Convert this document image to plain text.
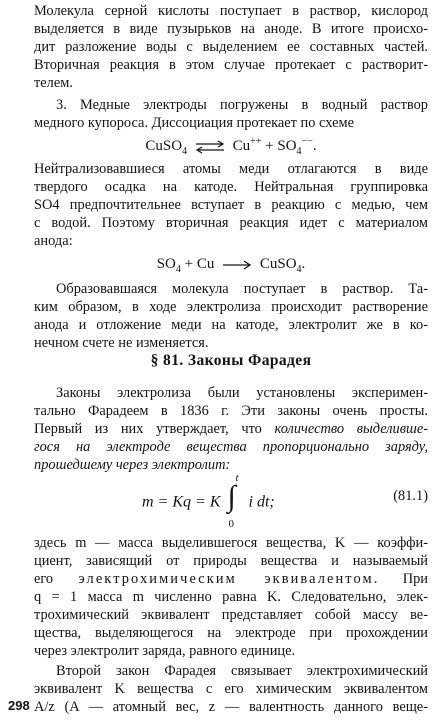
Молекула серной кислоты поступает в раствор, кислород
выделяется в виде пузырьков на аноде. В итоге происхо-
дит разложение воды с выделением ее составных частей.
Вторичная реакция в этом случае протекает с растворит-
телем.
3. Медные электроды погружены в водный раствор
медного купороса. Диссоциация протекает по схеме
CuSO$_4$ ⇌ $Cu^{++} + SO_4^{--}$.
Нейтрализовавшиеся атомы меди отлагаются в виде
твердого осадка на катоде. Нейтральная группировка
SO4 предпочтительнее вступает в реакцию с медью, чем
с водой. Поэтому вторичная реакция идет с материалом
анода:
$SO_4 + Cu$	CuSO$_4$.
Образовавшаяся молекула поступает в раствор. Та-
ким образом, в ходе электролиза происходит растворение
анода и отложение меди на катоде, электролит же в ко-
нечном счете не изменяется.
§ 81. Законы Фарадея
Законы электролиза были установлены эксперимен-
тально Фарадеем в 1836 г. Эти законы очень просты.
Первый из них утверждает, что количество выделивше-
гося на электроде вещества пропорционально заряду,
прошедшему через электролит:
m = Kq = K ∫
t
0
i dt;	(81.1)
здесь m — масса выделившегося вещества, K — коэффи-
циент, зависящий от природы вещества и называемый
его электрохимическим эквивалентом. При
q = 1 масса m численно равна K. Следовательно, элек-
трохимический эквивалент представляет собой массу ве-
щества, выделяющегося на электроде при прохождении
через электролит заряда, равного единице.
Второй закон Фарадея связывает электрохимический
эквивалент K вещества с его химическим эквивалентом
A/z (A — атомный вес, z — валентность данного веще-
298
